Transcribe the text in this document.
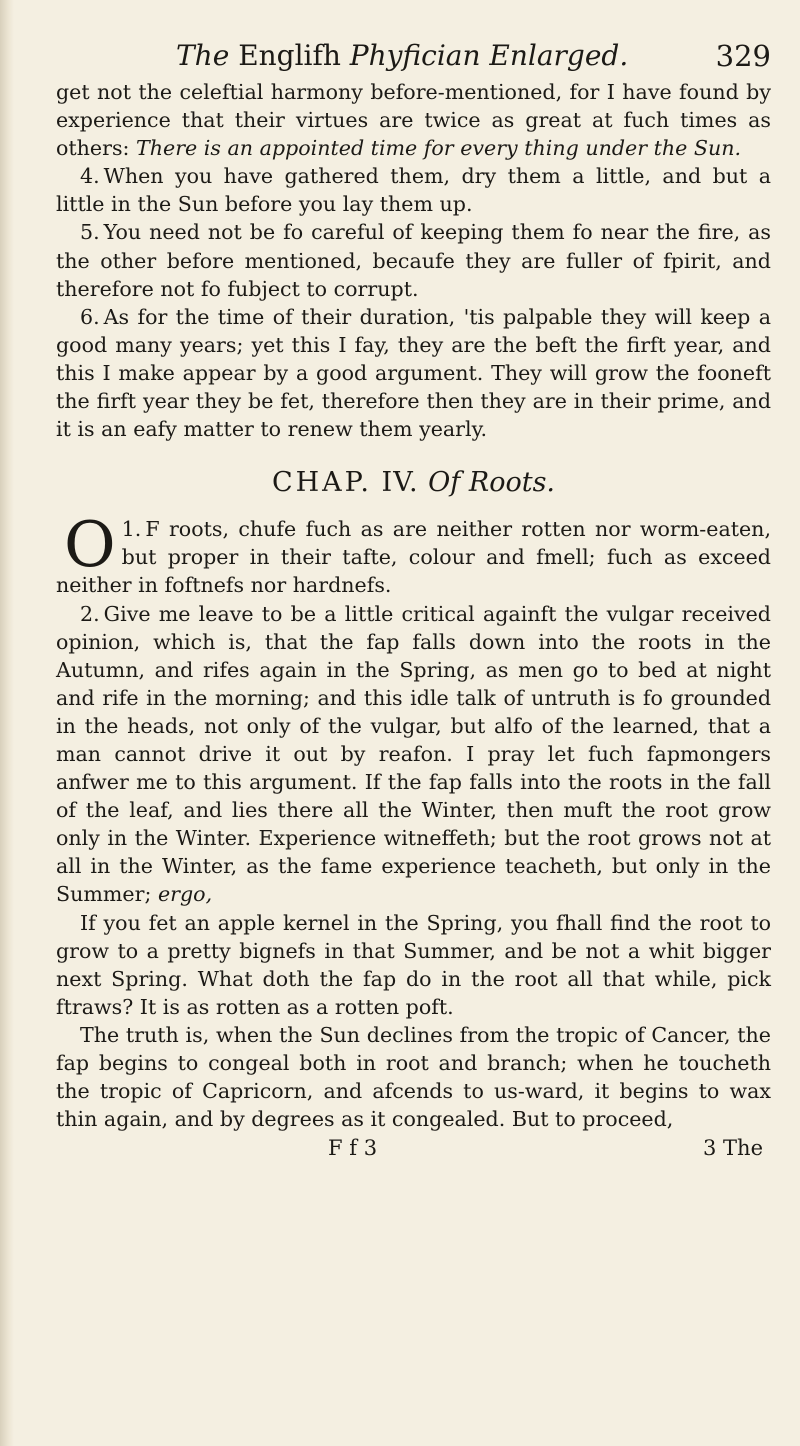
The Englifh Phyfician Enlarged.	329

get not the celeftial harmony before-mentioned, for I have found by experience that their virtues are twice as great at fuch times as others: There is an appointed time for every thing under the Sun.

4. When you have gathered them, dry them a little, and but a little in the Sun before you lay them up.

5. You need not be fo careful of keeping them fo near the fire, as the other before mentioned, becaufe they are fuller of fpirit, and therefore not fo fubject to corrupt.

6. As for the time of their duration, 'tis palpable they will keep a good many years; yet this I fay, they are the beft the firft year, and this I make appear by a good argument. They will grow the fooneft the firft year they be fet, therefore then they are in their prime, and it is an eafy matter to renew them yearly.

CHAP. IV. Of Roots.

1.
O F roots, chufe fuch as are neither rotten nor worm-eaten, but proper in their tafte, colour and fmell; fuch as exceed neither in foftnefs nor hardnefs.

2. Give me leave to be a little critical againft the vulgar received opinion, which is, that the fap falls down into the roots in the Autumn, and rifes again in the Spring, as men go to bed at night and rife in the morning; and this idle talk of untruth is fo grounded in the heads, not only of the vulgar, but alfo of the learned, that a man cannot drive it out by reafon. I pray let fuch fapmongers anfwer me to this argument. If the fap falls into the roots in the fall of the leaf, and lies there all the Winter, then muft the root grow only in the Winter. Experience witneffeth; but the root grows not at all in the Winter, as the fame experience teacheth, but only in the Summer; ergo,

If you fet an apple kernel in the Spring, you fhall find the root to grow to a pretty bignefs in that Summer, and be not a whit bigger next Spring. What doth the fap do in the root all that while, pick ftraws? It is as rotten as a rotten poft.

The truth is, when the Sun declines from the tropic of Cancer, the fap begins to congeal both in root and branch; when he toucheth the tropic of Capricorn, and afcends to us-ward, it begins to wax thin again, and by degrees as it congealed. But to proceed,

F f 3	3 The
